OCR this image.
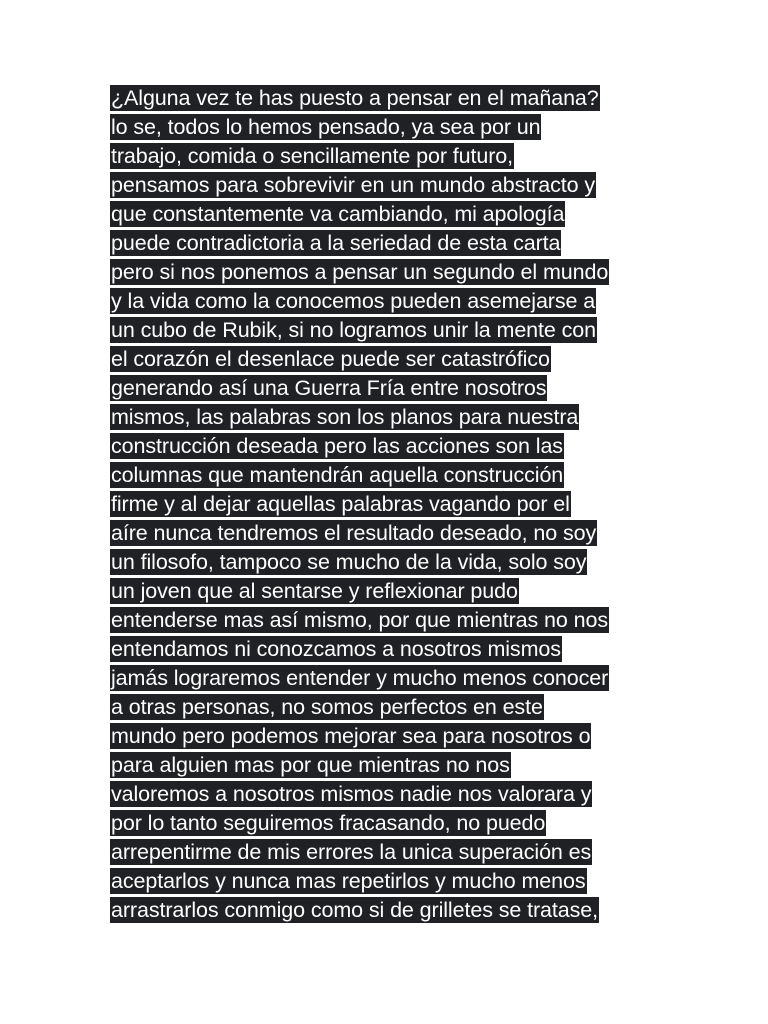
¿Alguna vez te has puesto a pensar en el mañana?
lo se, todos lo hemos pensado, ya sea por un
trabajo, comida o sencillamente por futuro,
pensamos para sobrevivir en un mundo abstracto y
que constantemente va cambiando, mi apología
puede contradictoria a la seriedad de esta carta
pero si nos ponemos a pensar un segundo el mundo
y la vida como la conocemos pueden asemejarse a
un cubo de Rubik, si no logramos unir la mente con
el corazón el desenlace puede ser catastrófico
generando así una Guerra Fría entre nosotros
mismos, las palabras son los planos para nuestra
construcción deseada pero las acciones son las
columnas que mantendrán aquella construcción
firme y al dejar aquellas palabras vagando por el
aíre nunca tendremos el resultado deseado, no soy
un filosofo, tampoco se mucho de la vida, solo soy
un joven que al sentarse y reflexionar pudo
entenderse mas así mismo, por que mientras no nos
entendamos ni conozcamos a nosotros mismos
jamás lograremos entender y mucho menos conocer
a otras personas, no somos perfectos en este
mundo pero podemos mejorar sea para nosotros o
para alguien mas por que mientras no nos
valoremos a nosotros mismos nadie nos valorara y
por lo tanto seguiremos fracasando, no puedo
arrepentirme de mis errores la unica superación es
aceptarlos y nunca mas repetirlos y mucho menos
arrastrarlos conmigo como si de grilletes se tratase,
